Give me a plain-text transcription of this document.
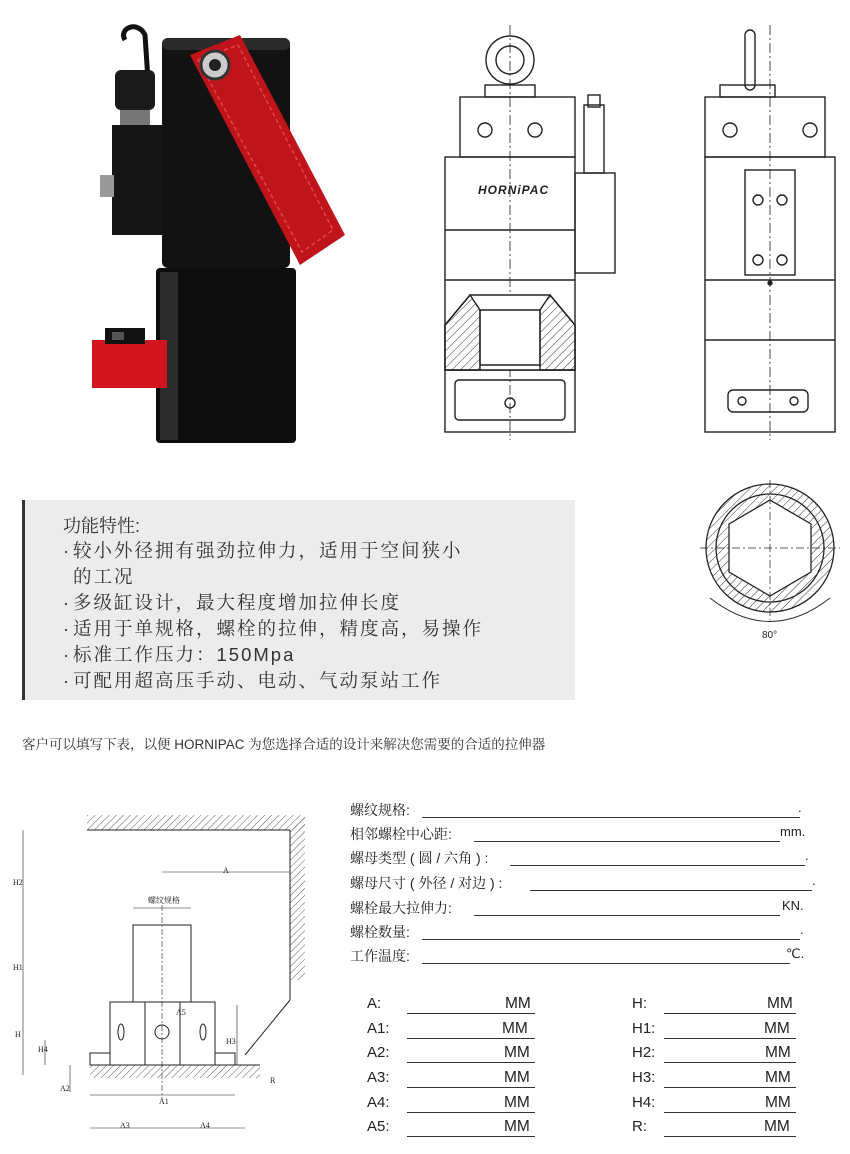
HORNiPAC
80°
功能特性:
·较小外径拥有强劲拉伸力，适用于空间狭小
的工况
·多级缸设计，最大程度增加拉伸长度
·适用于单规格，螺栓的拉伸，精度高，易操作
·标准工作压力：150Mpa
·可配用超高压手动、电动、气动泵站工作
客户可以填写下表，以便 HORNIPAC 为您选择合适的设计来解决您需要的合适的拉伸器
A
螺纹规格
H2
H1
H
H4
H3
A5
A2
A1
A3	A4
R
螺纹规格:	.
相邻螺栓中心距:	mm.
螺母类型 ( 圆 / 六角 ) :	.
螺母尺寸 ( 外径 / 对边 ) :	.
螺栓最大拉伸力:	KN.
螺栓数量:	.
工作温度:	℃.
A:	MM
A1:	MM
A2:	MM
A3:	MM
A4:	MM
A5:	MM
H:	MM
H1:	MM
H2:	MM
H3:	MM
H4:	MM
R:	MM
